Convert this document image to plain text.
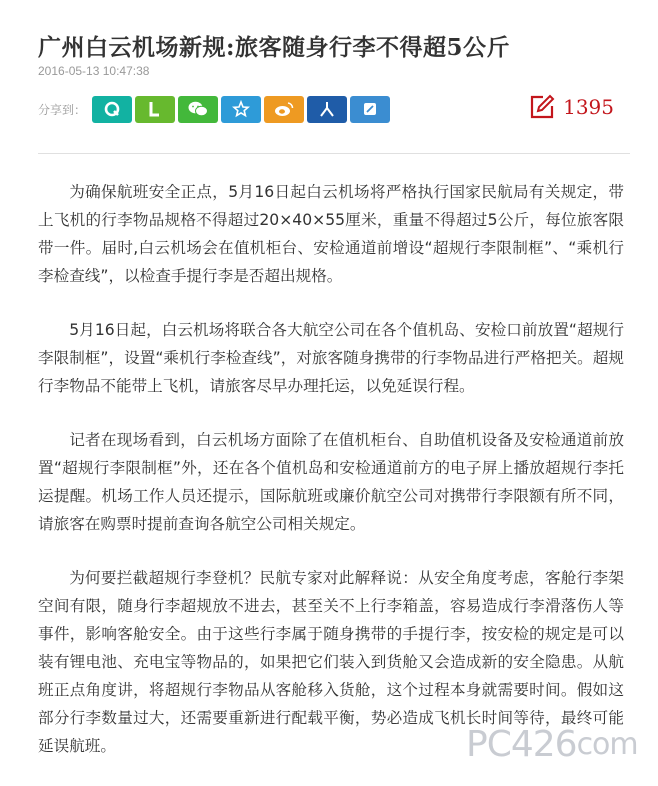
广州白云机场新规:旅客随身行李不得超5公斤
2016-05-13 10:47:38
分享到：	1395

为确保航班安全正点，5月16日起白云机场将严格执行国家民航局有关规定，带上飞机的行李物品规格不得超过20×40×55厘米，重量不得超过5公斤，每位旅客限带一件。届时,白云机场会在值机柜台、安检通道前增设“超规行李限制框”、“乘机行李检查线”，以检查手提行李是否超出规格。

5月16日起，白云机场将联合各大航空公司在各个值机岛、安检口前放置“超规行李限制框”，设置“乘机行李检查线”，对旅客随身携带的行李物品进行严格把关。超规行李物品不能带上飞机，请旅客尽早办理托运，以免延误行程。

记者在现场看到，白云机场方面除了在值机柜台、自助值机设备及安检通道前放置“超规行李限制框”外，还在各个值机岛和安检通道前方的电子屏上播放超规行李托运提醒。机场工作人员还提示，国际航班或廉价航空公司对携带行李限额有所不同，请旅客在购票时提前查询各航空公司相关规定。

为何要拦截超规行李登机？民航专家对此解释说：从安全角度考虑，客舱行李架空间有限，随身行李超规放不进去，甚至关不上行李箱盖，容易造成行李滑落伤人等事件，影响客舱安全。由于这些行李属于随身携带的手提行李，按安检的规定是可以装有锂电池、充电宝等物品的，如果把它们装入到货舱又会造成新的安全隐患。从航班正点角度讲，将超规行李物品从客舱移入货舱，这个过程本身就需要时间。假如这部分行李数量过大，还需要重新进行配载平衡，势必造成飞机长时间等待，最终可能延误航班。	PC426 com
